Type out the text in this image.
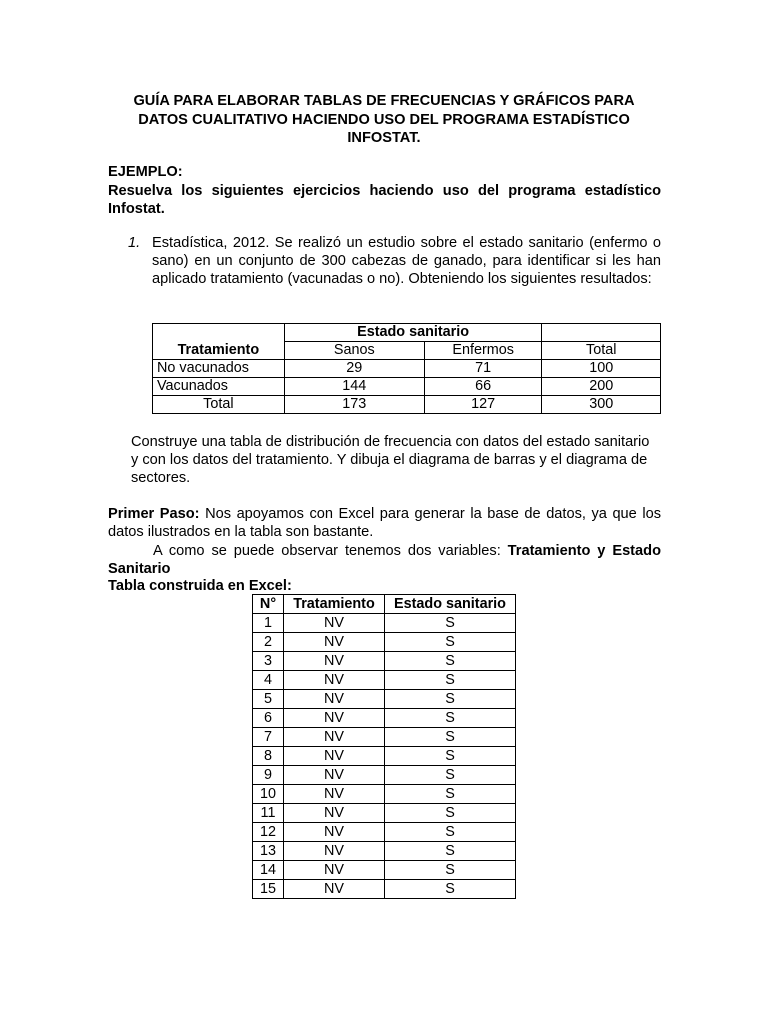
GUÍA PARA ELABORAR TABLAS DE FRECUENCIAS Y GRÁFICOS PARA
DATOS CUALITATIVO HACIENDO USO DEL PROGRAMA ESTADÍSTICO
INFOSTAT.
EJEMPLO:
Resuelva los siguientes ejercicios haciendo uso del programa estadístico Infostat.
1. Estadística, 2012. Se realizó un estudio sobre el estado sanitario (enfermo o sano) en un conjunto de 300 cabezas de ganado, para identificar si les han aplicado tratamiento (vacunadas o no). Obteniendo los siguientes resultados:
	Estado sanitario		
Tratamiento	Sanos	Enfermos	Total
No vacunados	29	71	100
Vacunados	144	66	200
Total	173	127	300
Construye una tabla de distribución de frecuencia con datos del estado sanitario y con los datos del tratamiento. Y dibuja el diagrama de barras y el diagrama de sectores.
Primer Paso: Nos apoyamos con Excel para generar la base de datos, ya que los datos ilustrados en la tabla son bastante.
A como se puede observar tenemos dos variables: Tratamiento y Estado Sanitario
Tabla construida en Excel:
N°	Tratamiento	Estado sanitario
1	NV	S
2	NV	S
3	NV	S
4	NV	S
5	NV	S
6	NV	S
7	NV	S
8	NV	S
9	NV	S
10	NV	S
11	NV	S
12	NV	S
13	NV	S
14	NV	S
15	NV	S
